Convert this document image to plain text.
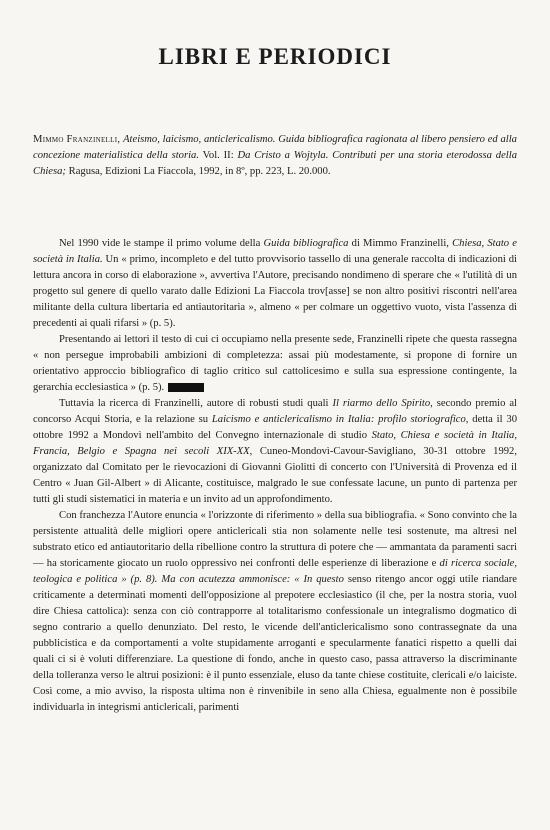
LIBRI E PERIODICI
Mimmo Franzinelli, Ateismo, laicismo, anticlericalismo. Guida bibliografica ragionata al libero pensiero ed alla concezione materialistica della storia. Vol. II: Da Cristo a Wojtyla. Contributi per una storia eterodossa della Chiesa; Ragusa, Edizioni La Fiaccola, 1992, in 8º, pp. 223, L. 20.000.

Nel 1990 vide le stampe il primo volume della Guida bibliografica di Mimmo Franzinelli, Chiesa, Stato e società in Italia. Un « primo, incompleto e del tutto provvisorio tassello di una generale raccolta di indicazioni di lettura ancora in corso di elaborazione », avvertiva l'Autore, precisando nondimeno di sperare che « l'utilità di un progetto sul genere di quello varato dalle Edizioni La Fiaccola trov[asse] se non altro positivi riscontri nell'area militante della cultura libertaria ed antiautoritaria », almeno « per colmare un oggettivo vuoto, vista l'assenza di precedenti ai quali rifarsi » (p. 5).

Presentando ai lettori il testo di cui ci occupiamo nella presente sede, Franzinelli ripete che questa rassegna « non persegue improbabili ambizioni di completezza: assai più modestamente, si propone di fornire un orientativo approccio bibliografico di taglio critico sul cattolicesimo e sulla sua espressione contingente, la gerarchia ecclesiastica » (p. 5).

Tuttavia la ricerca di Franzinelli, autore di robusti studi quali Il riarmo dello Spirito, secondo premio al concorso Acqui Storia, e la relazione su Laicismo e anticlericalismo in Italia: profilo storiografico, detta il 30 ottobre 1992 a Mondovì nell'ambito del Convegno internazionale di studio Stato, Chiesa e società in Italia, Francia, Belgio e Spagna nei secoli XIX-XX, Cuneo-Mondovì-Cavour-Savigliano, 30-31 ottobre 1992, organizzato dal Comitato per le rievocazioni di Giovanni Giolitti di concerto con l'Università di Provenza ed il Centro « Juan Gil-Albert » di Alicante, costituisce, malgrado le sue confessate lacune, un punto di partenza per tutti gli studi sistematici in materia e un invito ad un approfondimento.

Con franchezza l'Autore enuncia « l'orizzonte di riferimento » della sua bibliografia. « Sono convinto che la persistente attualità delle migliori opere anticlericali stia non solamente nelle tesi sostenute, ma altresì nel substrato etico ed antiautoritario della ribellione contro la struttura di potere che — ammantata da paramenti sacri — ha storicamente giocato un ruolo oppressivo nei confronti delle esperienze di liberazione e di ricerca sociale, teologica e politica » (p. 8). Ma con acutezza ammonisce: « In questo senso ritengo ancor oggi utile riandare criticamente a determinati momenti dell'opposizione al prepotere ecclesiastico (il che, per la nostra storia, vuol dire Chiesa cattolica): senza con ciò contrapporre al totalitarismo confessionale un integralismo dogmatico di segno contrario a quello denunziato. Del resto, le vicende dell'anticlericalismo sono contrassegnate da una pubblicistica e da comportamenti a volte stupidamente arroganti e specularmente fanatici rispetto a quelli dai quali ci si è voluti differenziare. La questione di fondo, anche in questo caso, passa attraverso la discriminante della tolleranza verso le altrui posizioni: è il punto essenziale, eluso da tante chiese costituite, clericali e/o laiciste. Così come, a mio avviso, la risposta ultima non è rinvenibile in seno alla Chiesa, egualmente non è possibile individuarla in integrismi anticlericali, parimenti
